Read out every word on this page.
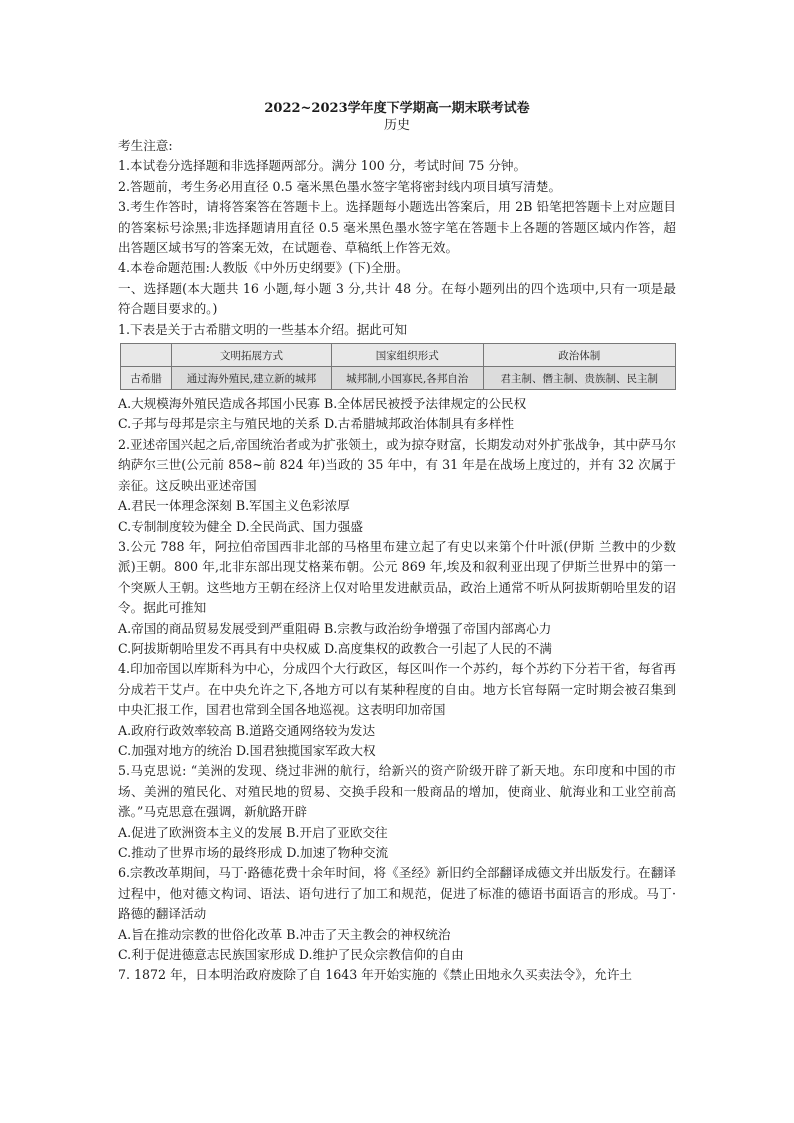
2022~2023学年度下学期高一期末联考试卷
历史
考生注意:
1.本试卷分选择题和非选择题两部分。满分 100 分，考试时间 75 分钟。
2.答题前，考生务必用直径 0.5 毫米黑色墨水签字笔将密封线内项目填写清楚。
3.考生作答时，请将答案答在答题卡上。选择题每小题选出答案后，用 2B 铅笔把答题卡上对应题目的答案标号涂黑;非选择题请用直径 0.5 毫米黑色墨水签字笔在答题卡上各题的答题区域内作答，超出答题区域书写的答案无效，在试题卷、草稿纸上作答无效。
4.本卷命题范围:人教版《中外历史纲要》(下)全册。
一、选择题(本大题共 16 小题,每小题 3 分,共计 48 分。在每小题列出的四个选项中,只有一项是最符合题目要求的。)
1.下表是关于古希腊文明的一些基本介绍。据此可知
	文明拓展方式	国家组织形式	政治体制
古希腊	通过海外殖民,建立新的城邦	城邦制,小国寡民,各邦自治	君主制、僭主制、贵族制、民主制
A.大规模海外殖民造成各邦国小民寡 B.全体居民被授予法律规定的公民权
C.子邦与母邦是宗主与殖民地的关系 D.古希腊城邦政治体制具有多样性
2.亚述帝国兴起之后,帝国统治者或为扩张领土，或为掠夺财富，长期发动对外扩张战争，其中萨马尔纳萨尔三世(公元前 858~前 824 年)当政的 35 年中，有 31 年是在战场上度过的，并有 32 次属于亲征。这反映出亚述帝国
A.君民一体理念深刻 B.军国主义色彩浓厚
C.专制制度较为健全 D.全民尚武、国力强盛
3.公元 788 年，阿拉伯帝国西非北部的马格里布建立起了有史以来第个什叶派(伊斯 兰教中的少数派)王朝。800 年,北非东部出现艾格莱布朝。公元 869 年,埃及和叙利亚出现了伊斯兰世界中的第一个突厥人王朝。这些地方王朝在经济上仅对哈里发进献贡品，政治上通常不听从阿拔斯朝哈里发的诏令。据此可推知
A.帝国的商品贸易发展受到严重阻碍 B.宗教与政治纷争增强了帝国内部离心力
C.阿拔斯朝哈里发不再具有中央权威 D.高度集权的政教合一引起了人民的不满
4.印加帝国以库斯科为中心，分成四个大行政区，每区叫作一个苏约，每个苏约下分若干省，每省再分成若干艾卢。在中央允许之下,各地方可以有某种程度的自由。地方长官每隔一定时期会被召集到中央汇报工作，国君也常到全国各地巡视。这表明印加帝国
A.政府行政效率较高 B.道路交通网络较为发达
C.加强对地方的统治 D.国君独揽国家军政大权
5.马克思说: “美洲的发现、绕过非洲的航行，给新兴的资产阶级开辟了新天地。东印度和中国的市场、美洲的殖民化、对殖民地的贸易、交换手段和一般商品的增加，使商业、航海业和工业空前高涨。”马克思意在强调，新航路开辟
A.促进了欧洲资本主义的发展 B.开启了亚欧交往
C.推动了世界市场的最终形成 D.加速了物种交流
6.宗教改革期间，马丁·路德花费十余年时间，将《圣经》新旧约全部翻译成德文并出版发行。在翻译过程中，他对德文构词、语法、语句进行了加工和规范，促进了标准的德语书面语言的形成。马丁·路德的翻译活动
A.旨在推动宗教的世俗化改革 B.冲击了天主教会的神权统治
C.利于促进德意志民族国家形成 D.维护了民众宗教信仰的自由
7. 1872 年，日本明治政府废除了自 1643 年开始实施的《禁止田地永久买卖法令》，允许土
